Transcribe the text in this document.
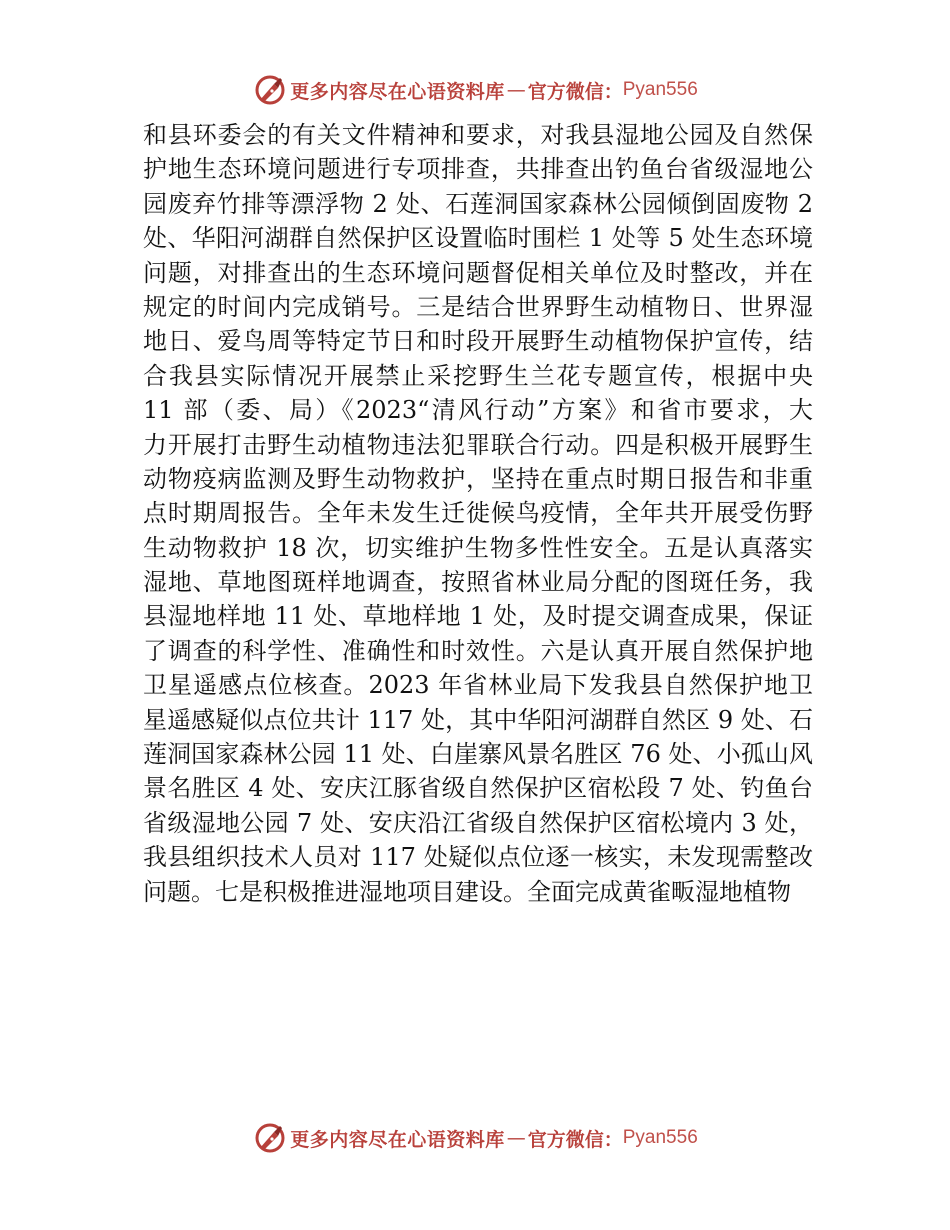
更多内容尽在心语资料库 — 官方微信： Pyan556
和县环委会的有关文件精神和要求，对我县湿地公园及自然保
护地生态环境问题进行专项排查，共排查出钓鱼台省级湿地公
园废弃竹排等漂浮物 2 处、石莲洞国家森林公园倾倒固废物 2
处、华阳河湖群自然保护区设置临时围栏 1 处等 5 处生态环境
问题，对排查出的生态环境问题督促相关单位及时整改，并在
规定的时间内完成销号。三是结合世界野生动植物日、世界湿
地日、爱鸟周等特定节日和时段开展野生动植物保护宣传，结
合我县实际情况开展禁止采挖野生兰花专题宣传，根据中央
11 部（委、局）《2023“清风行动”方案》和省市要求，大
力开展打击野生动植物违法犯罪联合行动。四是积极开展野生
动物疫病监测及野生动物救护，坚持在重点时期日报告和非重
点时期周报告。全年未发生迁徙候鸟疫情，全年共开展受伤野
生动物救护 18 次，切实维护生物多性性安全。五是认真落实
湿地、草地图斑样地调查，按照省林业局分配的图斑任务，我
县湿地样地 11 处、草地样地 1 处，及时提交调查成果，保证
了调查的科学性、准确性和时效性。六是认真开展自然保护地
卫星遥感点位核查。2023 年省林业局下发我县自然保护地卫
星遥感疑似点位共计 117 处，其中华阳河湖群自然区 9 处、石
莲洞国家森林公园 11 处、白崖寨风景名胜区 76 处、小孤山风
景名胜区 4 处、安庆江豚省级自然保护区宿松段 7 处、钓鱼台
省级湿地公园 7 处、安庆沿江省级自然保护区宿松境内 3 处，
我县组织技术人员对 117 处疑似点位逐一核实，未发现需整改
问题。七是积极推进湿地项目建设。全面完成黄雀畈湿地植物
更多内容尽在心语资料库 — 官方微信： Pyan556
